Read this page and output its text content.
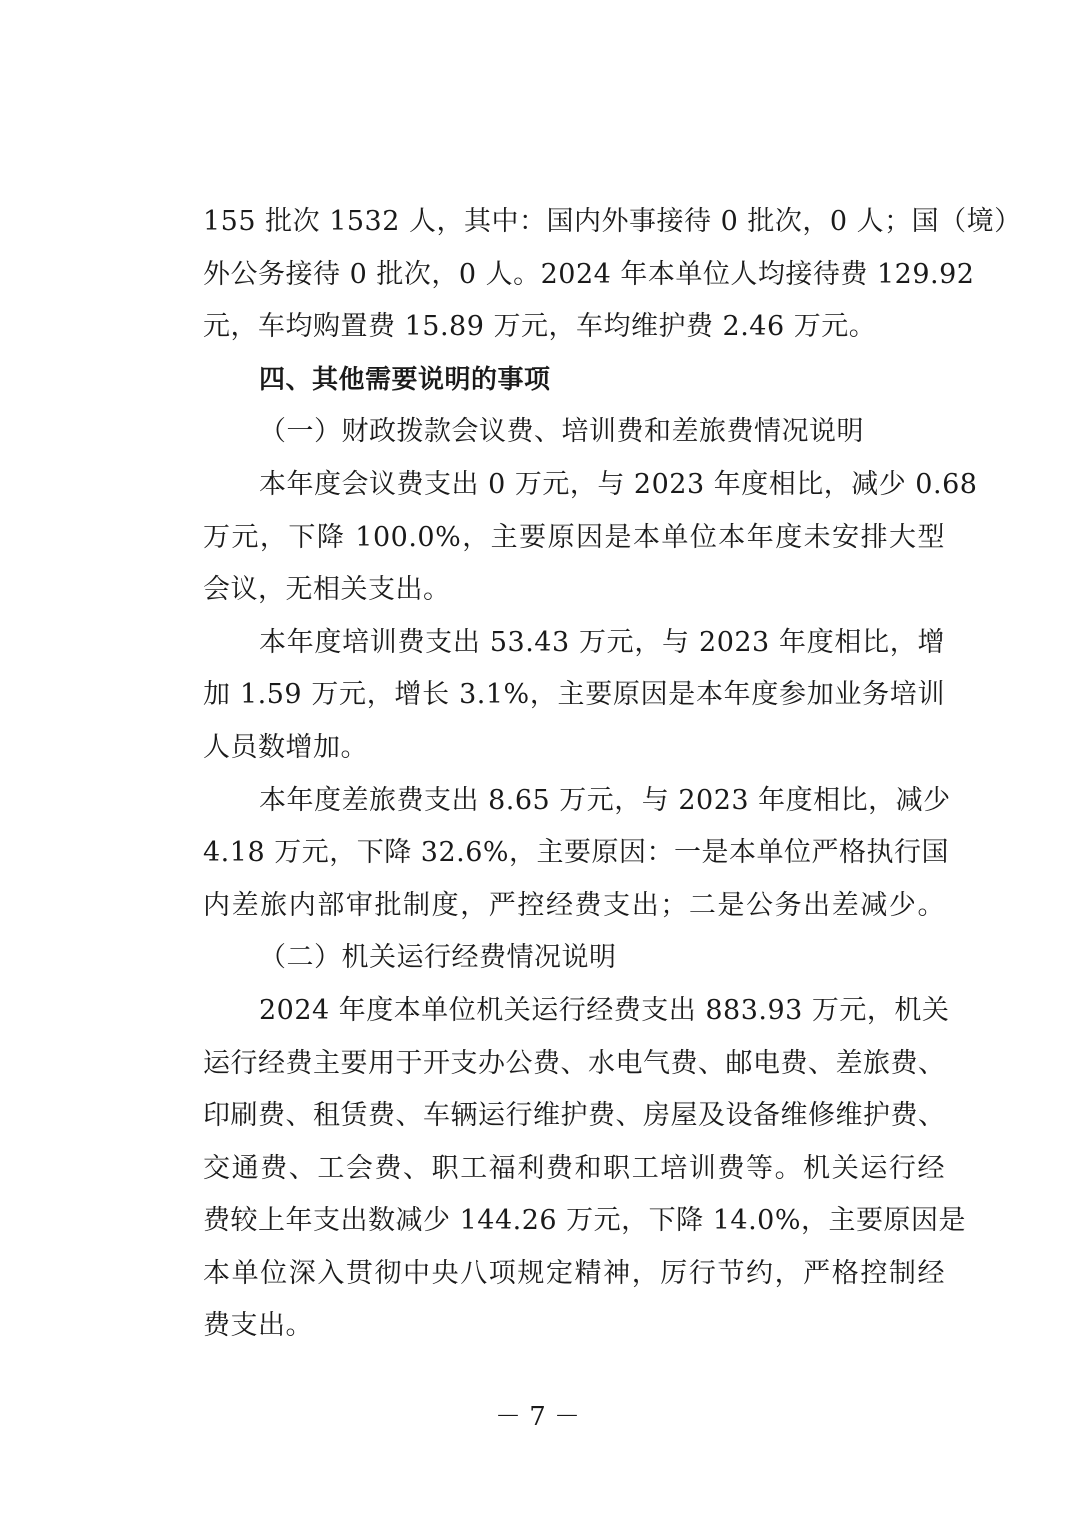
155 批次 1532 人，其中：国内外事接待 0 批次，0 人；国（境）
外公务接待 0 批次，0 人。2024 年本单位人均接待费 129.92
元，车均购置费 15.89 万元，车均维护费 2.46 万元。
四、其他需要说明的事项
（一）财政拨款会议费、培训费和差旅费情况说明
本年度会议费支出 0 万元，与 2023 年度相比，减少 0.68
万元，下降 100.0%，主要原因是本单位本年度未安排大型
会议，无相关支出。
本年度培训费支出 53.43 万元，与 2023 年度相比，增
加 1.59 万元，增长 3.1%，主要原因是本年度参加业务培训
人员数增加。
本年度差旅费支出 8.65 万元，与 2023 年度相比，减少
4.18 万元，下降 32.6%，主要原因：一是本单位严格执行国
内差旅内部审批制度，严控经费支出；二是公务出差减少。
（二）机关运行经费情况说明
2024 年度本单位机关运行经费支出 883.93 万元，机关
运行经费主要用于开支办公费、水电气费、邮电费、差旅费、
印刷费、租赁费、车辆运行维护费、房屋及设备维修维护费、
交通费、工会费、职工福利费和职工培训费等。机关运行经
费较上年支出数减少 144.26 万元，下降 14.0%，主要原因是
本单位深入贯彻中央八项规定精神，厉行节约，严格控制经
费支出。
－ 7 －
